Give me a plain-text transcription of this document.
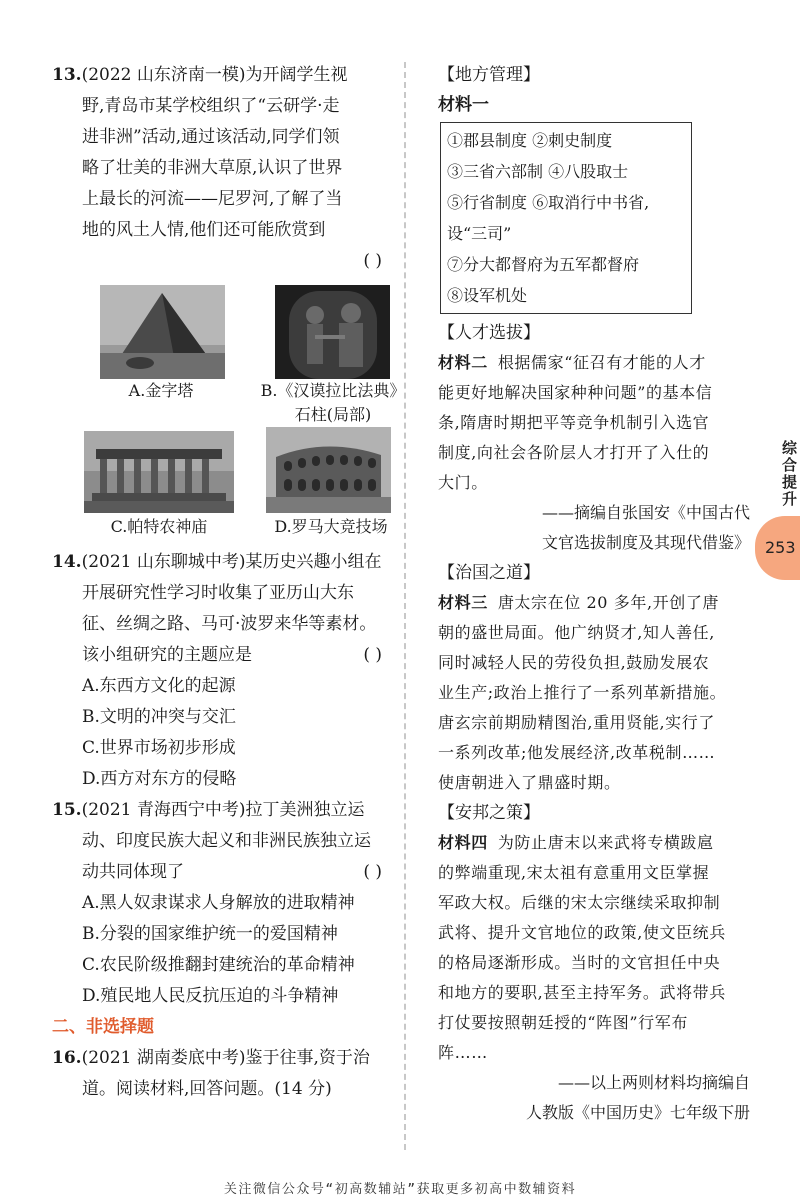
13.(2022 山东济南一模)为开阔学生视

野,青岛市某学校组织了“云研学·走

进非洲”活动,通过该活动,同学们领

略了壮美的非洲大草原,认识了世界

上最长的河流——尼罗河,了解了当

地的风土人情,他们还可能欣赏到

( )
A.金字塔	B.《汉谟拉比法典》
石柱(局部)
C.帕特农神庙	D.罗马大竞技场

14.(2021 山东聊城中考)某历史兴趣小组在

开展研究性学习时收集了亚历山大东

征、丝绸之路、马可·波罗来华等素材。

该小组研究的主题应是	( )

A.东西方文化的起源

B.文明的冲突与交汇

C.世界市场初步形成

D.西方对东方的侵略

15.(2021 青海西宁中考)拉丁美洲独立运

动、印度民族大起义和非洲民族独立运

动共同体现了	( )

A.黑人奴隶谋求人身解放的进取精神

B.分裂的国家维护统一的爱国精神

C.农民阶级推翻封建统治的革命精神

D.殖民地人民反抗压迫的斗争精神

二、非选择题

16.(2021 湖南娄底中考)鉴于往事,资于治

道。阅读材料,回答问题。(14 分)

【地方管理】

材料一

①郡县制度 ②刺史制度
③三省六部制 ④八股取士
⑤行省制度 ⑥取消行中书省,
设“三司”
⑦分大都督府为五军都督府
⑧设军机处

【人才选拔】

材料二 根据儒家“征召有才能的人才

能更好地解决国家种种问题”的基本信

条,隋唐时期把平等竞争机制引入选官

制度,向社会各阶层人才打开了入仕的

大门。

——摘编自张国安《中国古代

文官选拔制度及其现代借鉴》

【治国之道】

材料三 唐太宗在位 20 多年,开创了唐

朝的盛世局面。他广纳贤才,知人善任,

同时减轻人民的劳役负担,鼓励发展农

业生产;政治上推行了一系列革新措施。

唐玄宗前期励精图治,重用贤能,实行了

一系列改革;他发展经济,改革税制……

使唐朝进入了鼎盛时期。

【安邦之策】

材料四 为防止唐末以来武将专横跋扈

的弊端重现,宋太祖有意重用文臣掌握

军政大权。后继的宋太宗继续采取抑制

武将、提升文官地位的政策,使文臣统兵

的格局逐渐形成。当时的文官担任中央

和地方的要职,甚至主持军务。武将带兵

打仗要按照朝廷授的“阵图”行军布

阵……

——以上两则材料均摘编自

人教版《中国历史》七年级下册

综合提升
253
关注微信公众号“初高数辅站”获取更多初高中数辅资料
